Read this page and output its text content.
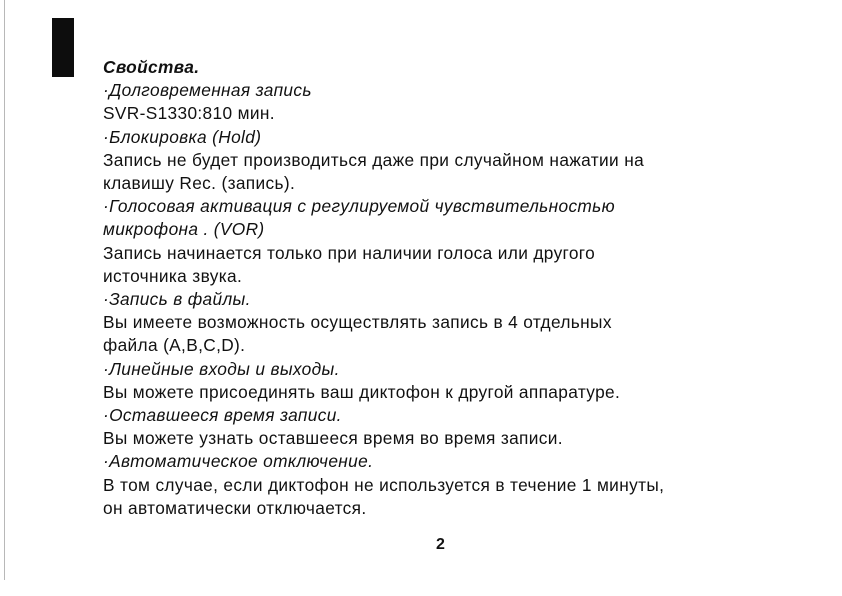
Свойства.
·Долговременная запись
SVR-S1330:810 мин.
·Блокировка (Hold)
Запись не будет производиться даже при случайном нажатии на
клавишу Rec. (запись).
·Голосовая активация с регулируемой чувствительностью
микрофона . (VOR)
Запись начинается только при наличии голоса или другого
источника звука.
·Запись в файлы.
Вы имеете возможность осуществлять запись в 4 отдельных
файла (A,B,C,D).
·Линейные входы и выходы.
Вы можете присоединять ваш диктофон к другой аппаратуре.
·Оставшееся время записи.
Вы можете узнать оставшееся время во время записи.
·Автоматическое отключение.
В том случае, если диктофон не используется в течение 1 минуты,
он автоматически отключается.
2
